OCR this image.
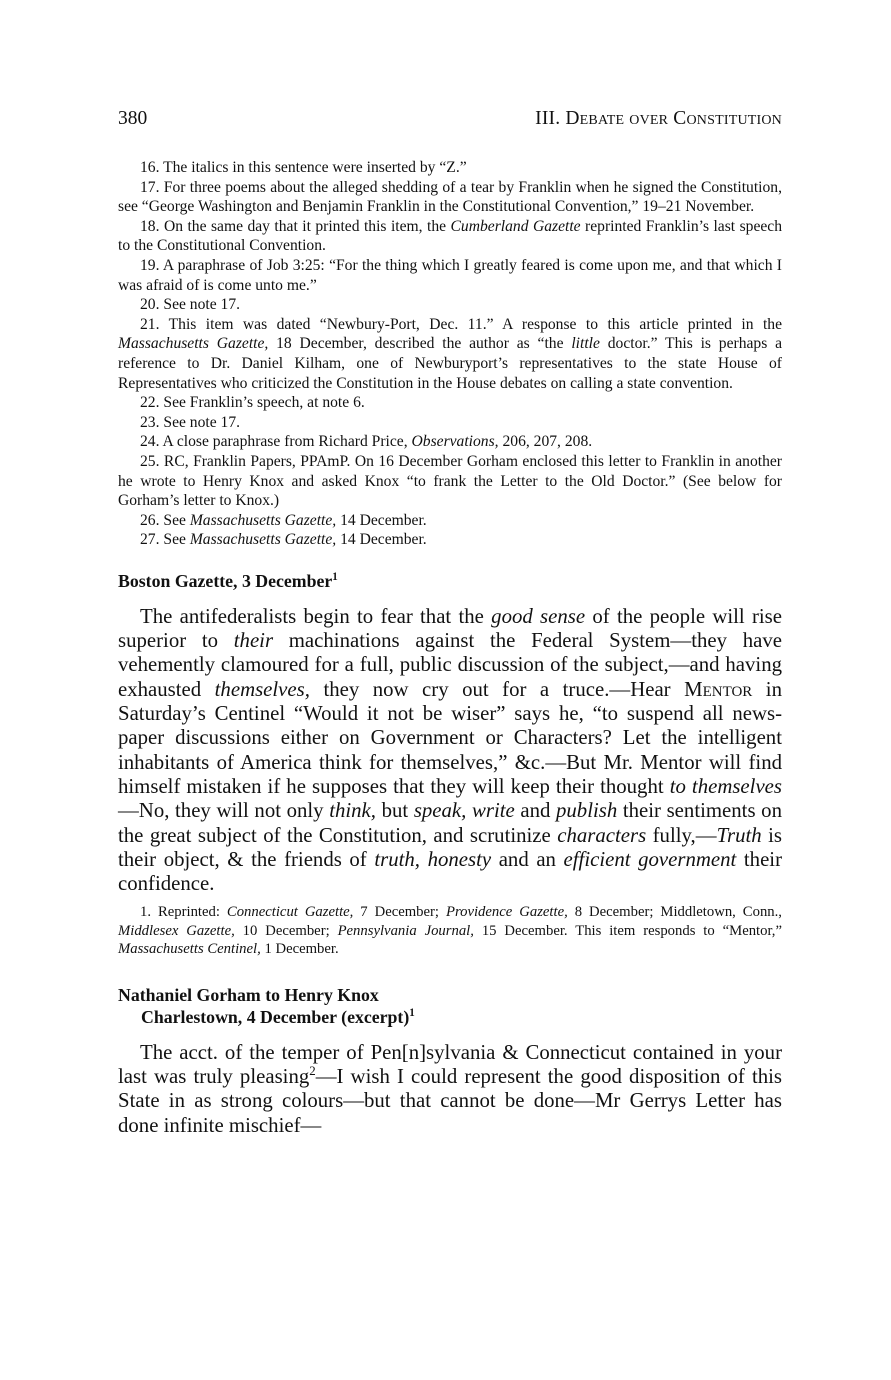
380	III. Debate over Constitution

16. The italics in this sentence were inserted by “Z.”

17. For three poems about the alleged shedding of a tear by Franklin when he signed the Constitution, see “George Washington and Benjamin Franklin in the Constitutional Convention,” 19–21 November.

18. On the same day that it printed this item, the Cumberland Gazette reprinted Franklin’s last speech to the Constitutional Convention.

19. A paraphrase of Job 3:25: “For the thing which I greatly feared is come upon me, and that which I was afraid of is come unto me.”

20. See note 17.

21. This item was dated “Newbury-Port, Dec. 11.” A response to this article printed in the Massachusetts Gazette, 18 December, described the author as “the little doctor.” This is perhaps a reference to Dr. Daniel Kilham, one of Newburyport’s representatives to the state House of Representatives who criticized the Constitution in the House debates on calling a state convention.

22. See Franklin’s speech, at note 6.

23. See note 17.

24. A close paraphrase from Richard Price, Observations, 206, 207, 208.

25. RC, Franklin Papers, PPAmP. On 16 December Gorham enclosed this letter to Franklin in another he wrote to Henry Knox and asked Knox “to frank the Letter to the Old Doctor.” (See below for Gorham’s letter to Knox.)

26. See Massachusetts Gazette, 14 December.

27. See Massachusetts Gazette, 14 December.

Boston Gazette, 3 December$^1$

The antifederalists begin to fear that the good sense of the people will rise superior to their machinations against the Federal System—they have vehemently clamoured for a full, public discussion of the subject,—and having exhausted themselves, they now cry out for a truce.—Hear Mentor in Saturday’s Centinel “Would it not be wiser” says he, “to suspend all news-paper discussions either on Government or Characters? Let the intelligent inhabitants of America think for themselves,” &c.—But Mr. Mentor will find himself mistaken if he supposes that they will keep their thought to themselves—No, they will not only think, but speak, write and publish their sentiments on the great subject of the Constitution, and scrutinize characters fully,—Truth is their object, & the friends of truth, honesty and an efficient government their confidence.

1. Reprinted: Connecticut Gazette, 7 December; Providence Gazette, 8 December; Middletown, Conn., Middlesex Gazette, 10 December; Pennsylvania Journal, 15 December. This item responds to “Mentor,” Massachusetts Centinel, 1 December.

Nathaniel Gorham to Henry Knox
Charlestown, 4 December (excerpt)$^1$

The acct. of the temper of Pen[n]sylvania & Connecticut contained in your last was truly pleasing$^2$—I wish I could represent the good disposition of this State in as strong colours—but that cannot be done—Mr Gerrys Letter has done infinite mischief—
